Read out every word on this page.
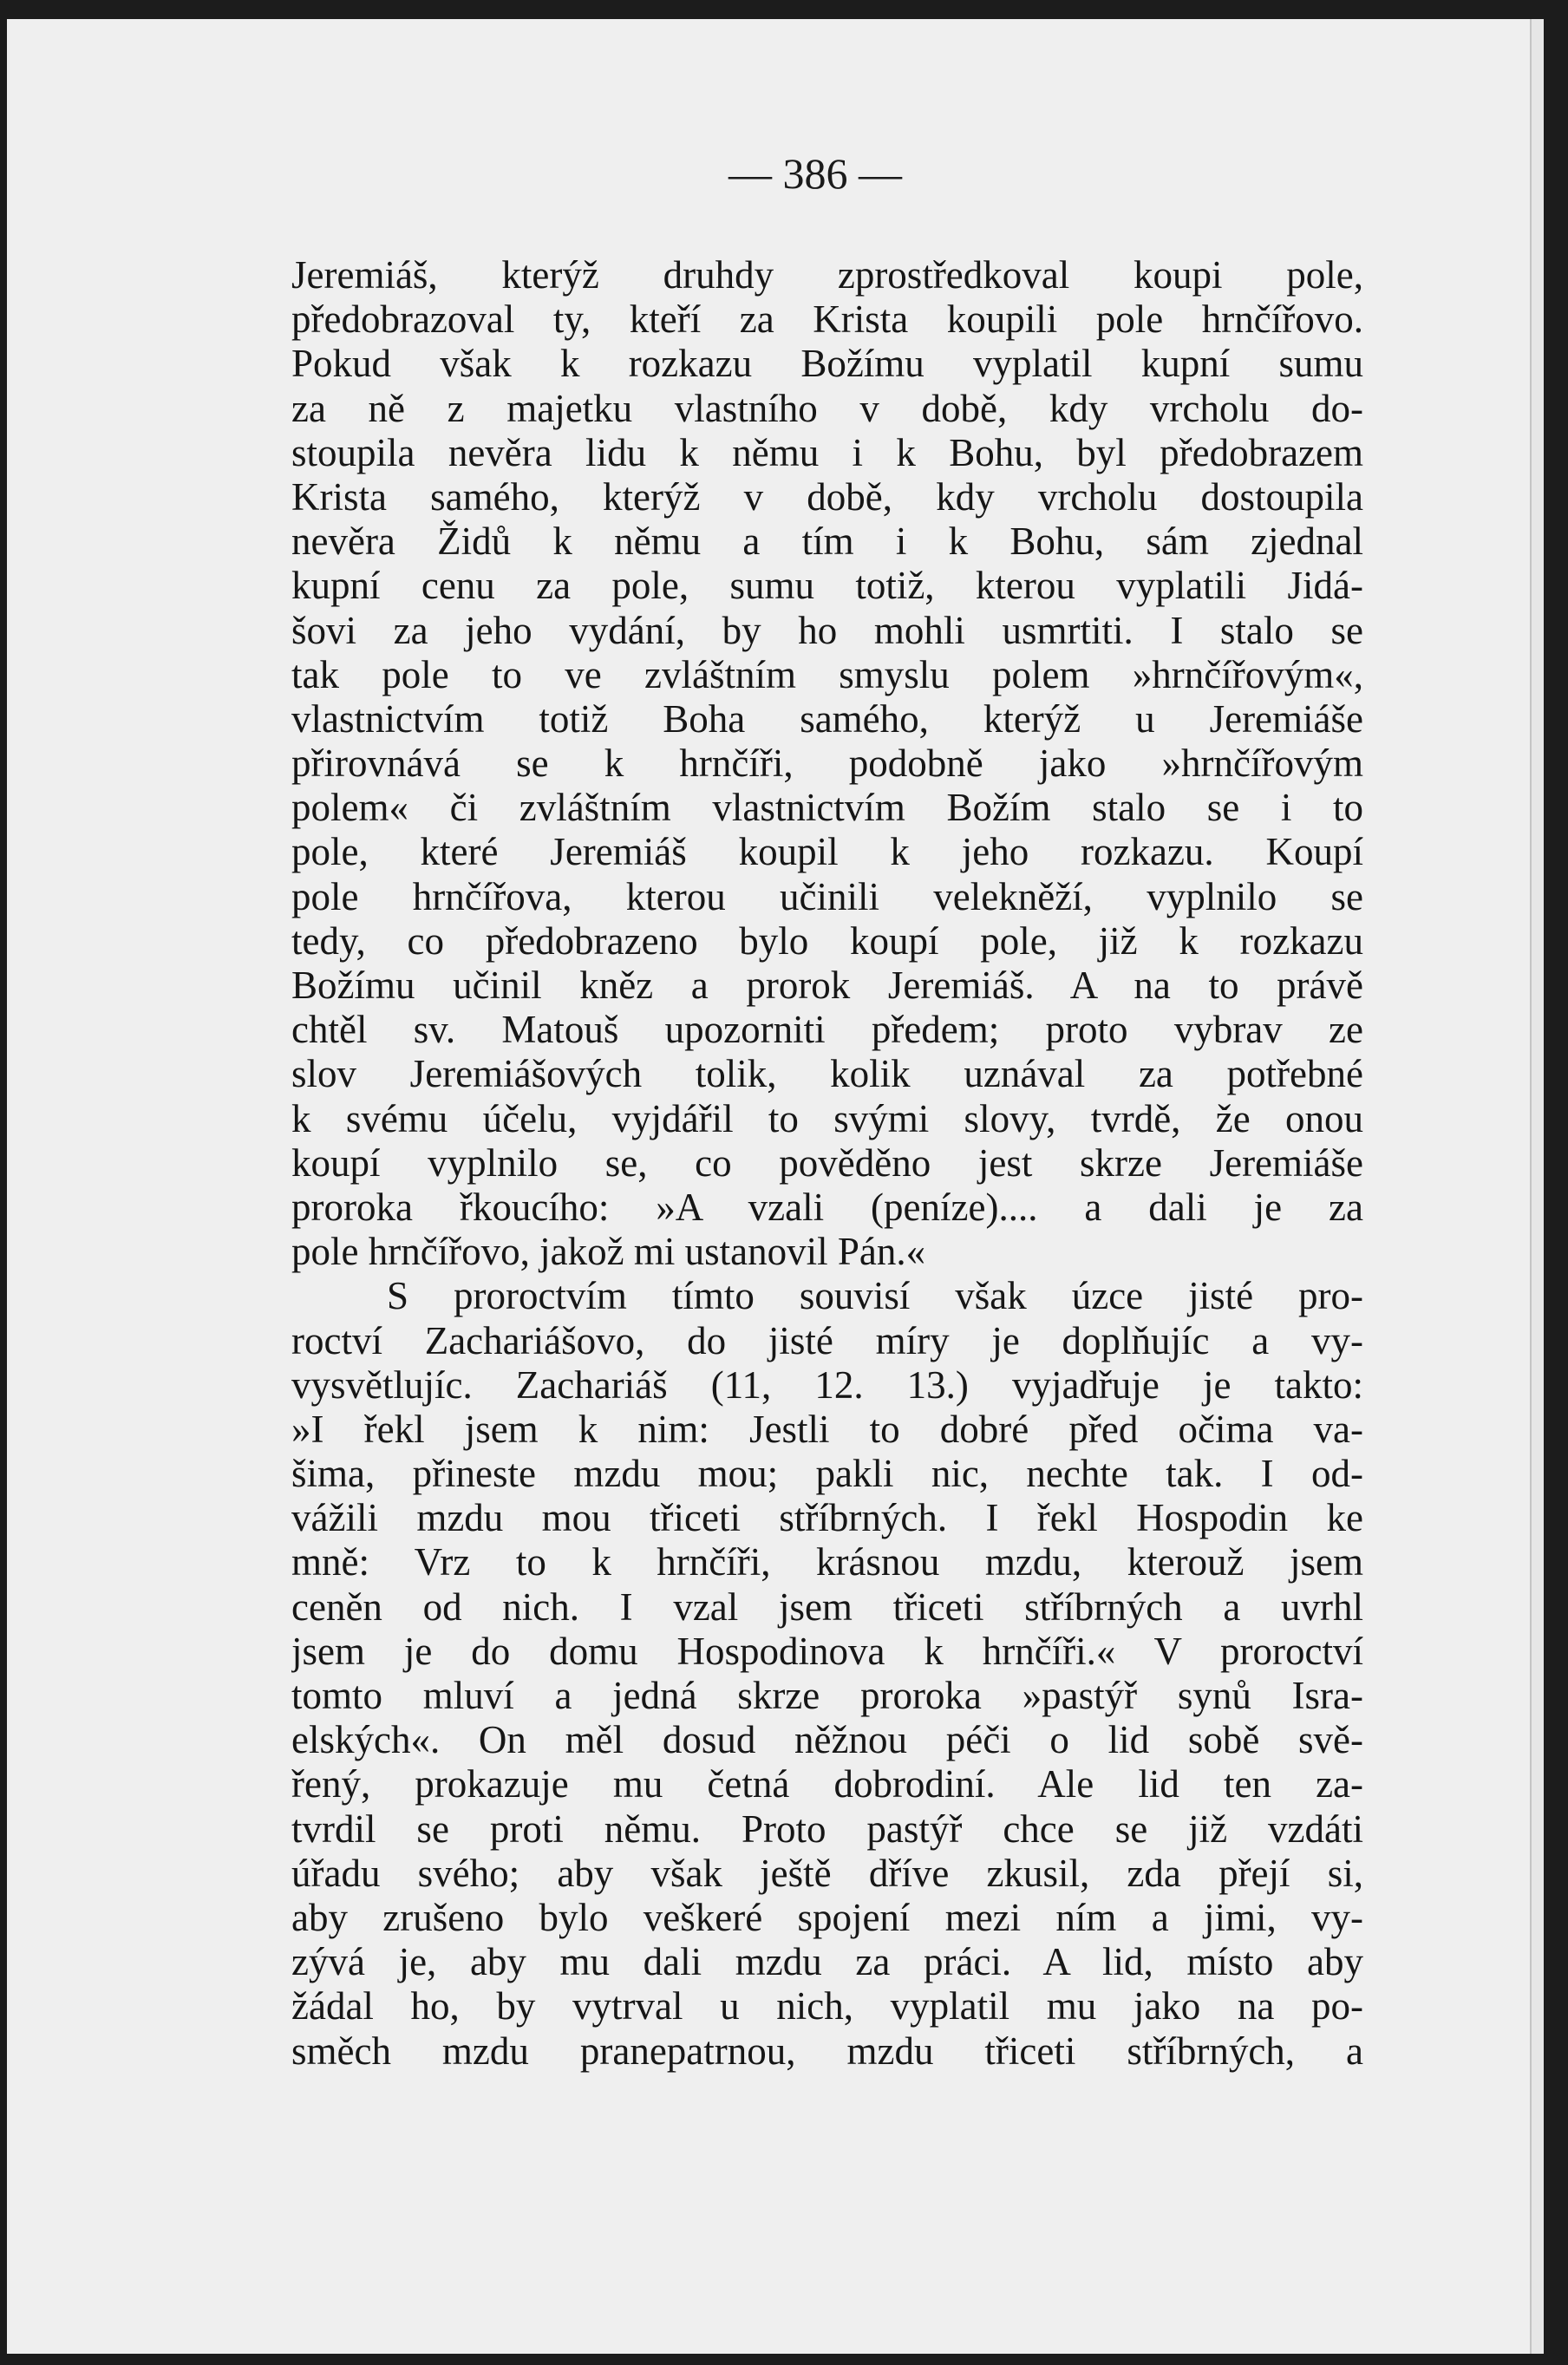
— 386 —
Jeremiáš, kterýž druhdy zprostředkoval koupi pole,
předobrazoval ty, kteří za Krista koupili pole hrnčířovo.
Pokud však k rozkazu Božímu vyplatil kupní sumu
za ně z majetku vlastního v době, kdy vrcholu do-
stoupila nevěra lidu k němu i k Bohu, byl předobrazem
Krista samého, kterýž v době, kdy vrcholu dostoupila
nevěra Židů k němu a tím i k Bohu, sám zjednal
kupní cenu za pole, sumu totiž, kterou vyplatili Jidá-
šovi za jeho vydání, by ho mohli usmrtiti. I stalo se
tak pole to ve zvláštním smyslu polem »hrnčířovým«,
vlastnictvím totiž Boha samého, kterýž u Jeremiáše
přirovnává se k hrnčíři, podobně jako »hrnčířovým
polem« či zvláštním vlastnictvím Božím stalo se i to
pole, které Jeremiáš koupil k jeho rozkazu. Koupí
pole hrnčířova, kterou učinili velekněží, vyplnilo se
tedy, co předobrazeno bylo koupí pole, již k rozkazu
Božímu učinil kněz a prorok Jeremiáš. A na to právě
chtěl sv. Matouš upozorniti předem; proto vybrav ze
slov Jeremiášových tolik, kolik uznával za potřebné
k svému účelu, vyjdářil to svými slovy, tvrdě, že onou
koupí vyplnilo se, co pověděno jest skrze Jeremiáše
proroka řkoucího: »A vzali (peníze).... a dali je za
pole hrnčířovo, jakož mi ustanovil Pán.«
S proroctvím tímto souvisí však úzce jisté pro-
roctví Zachariášovo, do jisté míry je doplňujíc a vy-
vysvětlujíc. Zachariáš (11, 12. 13.) vyjadřuje je takto:
»I řekl jsem k nim: Jestli to dobré před očima va-
šima, přineste mzdu mou; pakli nic, nechte tak. I od-
vážili mzdu mou třiceti stříbrných. I řekl Hospodin ke
mně: Vrz to k hrnčíři, krásnou mzdu, kterouž jsem
ceněn od nich. I vzal jsem třiceti stříbrných a uvrhl
jsem je do domu Hospodinova k hrnčíři.« V proroctví
tomto mluví a jedná skrze proroka »pastýř synů Isra-
elských«. On měl dosud něžnou péči o lid sobě svě-
řený, prokazuje mu četná dobrodiní. Ale lid ten za-
tvrdil se proti němu. Proto pastýř chce se již vzdáti
úřadu svého; aby však ještě dříve zkusil, zda přejí si,
aby zrušeno bylo veškeré spojení mezi ním a jimi, vy-
zývá je, aby mu dali mzdu za práci. A lid, místo aby
žádal ho, by vytrval u nich, vyplatil mu jako na po-
směch mzdu pranepatrnou, mzdu třiceti stříbrných, a
